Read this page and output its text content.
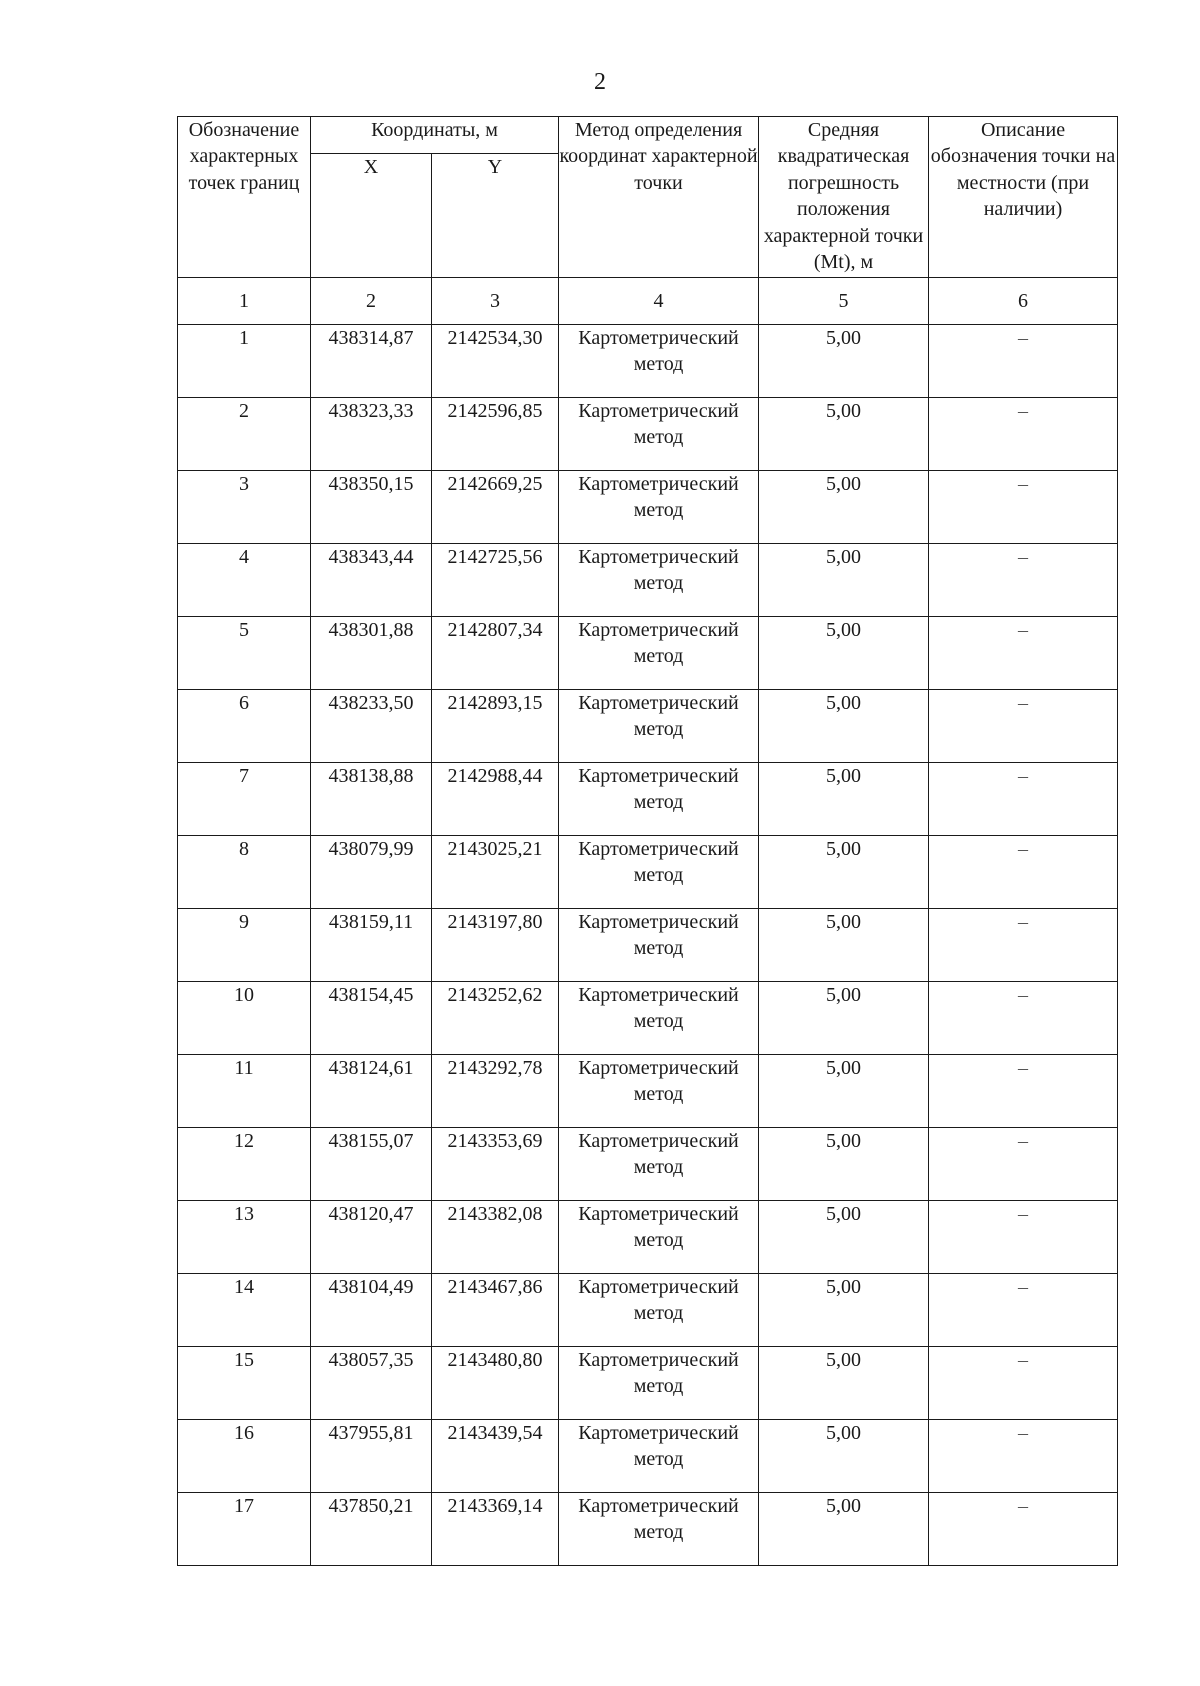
2
Обозначение характерных точек границ	Координаты, м		Метод определения координат характерной точки	Средняя квадратическая погрешность положения характерной точки (Mt), м	Описание обозначения точки на местности (при наличии)
	X	Y			
1	2	3	4	5	6
1	438314,87	2142534,30	Картометрический метод	5,00	–
2	438323,33	2142596,85	Картометрический метод	5,00	–
3	438350,15	2142669,25	Картометрический метод	5,00	–
4	438343,44	2142725,56	Картометрический метод	5,00	–
5	438301,88	2142807,34	Картометрический метод	5,00	–
6	438233,50	2142893,15	Картометрический метод	5,00	–
7	438138,88	2142988,44	Картометрический метод	5,00	–
8	438079,99	2143025,21	Картометрический метод	5,00	–
9	438159,11	2143197,80	Картометрический метод	5,00	–
10	438154,45	2143252,62	Картометрический метод	5,00	–
11	438124,61	2143292,78	Картометрический метод	5,00	–
12	438155,07	2143353,69	Картометрический метод	5,00	–
13	438120,47	2143382,08	Картометрический метод	5,00	–
14	438104,49	2143467,86	Картометрический метод	5,00	–
15	438057,35	2143480,80	Картометрический метод	5,00	–
16	437955,81	2143439,54	Картометрический метод	5,00	–
17	437850,21	2143369,14	Картометрический метод	5,00	–
